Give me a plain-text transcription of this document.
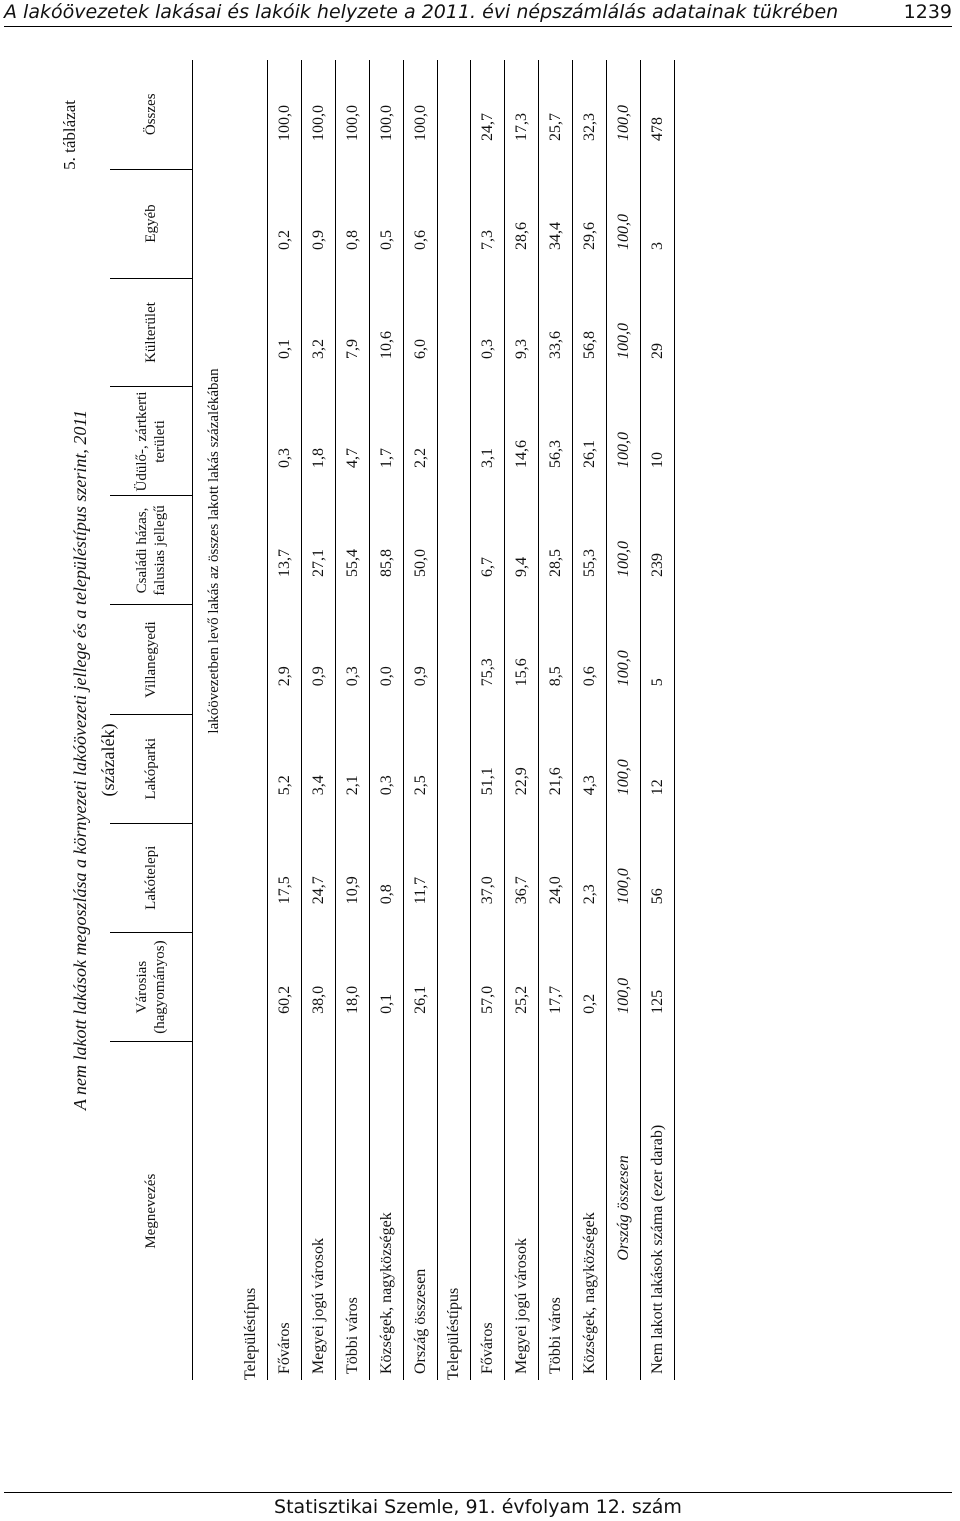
A lakóövezetek lakásai és lakóik helyzete a 2011. évi népszámlálás adatainak tükrében	1239
5. táblázat
A nem lakott lakások megoszlása a környezeti lakóövezeti jellege és a településtípus szerint, 2011 (százalék)
Megnevezés	Városias (hagyományos)	Lakótelepi	Lakóparki	Villanegyedi	Családi házas, falusias jellegű	Üdülő-, zártkerti területi	Külterület	Egyéb	Összes
	lakóövezetben levő lakás az összes lakott lakás százalékában								
Településtípus									
Főváros	60,2	17,5	5,2	2,9	13,7	0,3	0,1	0,2	100,0
Megyei jogú városok	38,0	24,7	3,4	0,9	27,1	1,8	3,2	0,9	100,0
Többi város	18,0	10,9	2,1	0,3	55,4	4,7	7,9	0,8	100,0
Községek, nagyközségek	0,1	0,8	0,3	0,0	85,8	1,7	10,6	0,5	100,0
Ország összesen	26,1	11,7	2,5	0,9	50,0	2,2	6,0	0,6	100,0
Településtípus									
Főváros	57,0	37,0	51,1	75,3	6,7	3,1	0,3	7,3	24,7
Megyei jogú városok	25,2	36,7	22,9	15,6	9,4	14,6	9,3	28,6	17,3
Többi város	17,7	24,0	21,6	8,5	28,5	56,3	33,6	34,4	25,7
Községek, nagyközségek	0,2	2,3	4,3	0,6	55,3	26,1	56,8	29,6	32,3
Ország összesen	100,0	100,0	100,0	100,0	100,0	100,0	100,0	100,0	100,0
Nem lakott lakások száma (ezer darab)	125	56	12	5	239	10	29	3	478
Statisztikai Szemle, 91. évfolyam 12. szám
